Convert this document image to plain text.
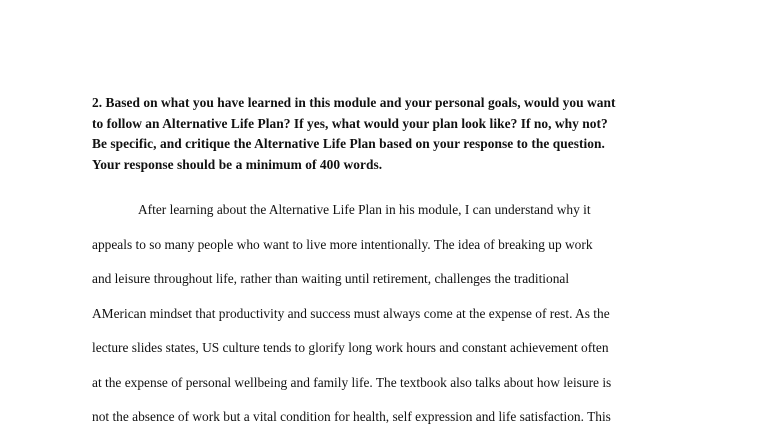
2. Based on what you have learned in this module and your personal goals, would you want
to follow an Alternative Life Plan? If yes, what would your plan look like? If no, why not?
Be specific, and critique the Alternative Life Plan based on your response to the question.
Your response should be a minimum of 400 words.

After learning about the Alternative Life Plan in his module, I can understand why it
appeals to so many people who want to live more intentionally. The idea of breaking up work
and leisure throughout life, rather than waiting until retirement, challenges the traditional
AMerican mindset that productivity and success must always come at the expense of rest. As the
lecture slides states, US culture tends to glorify long work hours and constant achievement often
at the expense of personal wellbeing and family life. The textbook also talks about how leisure is
not the absence of work but a vital condition for health, self expression and life satisfaction. This
